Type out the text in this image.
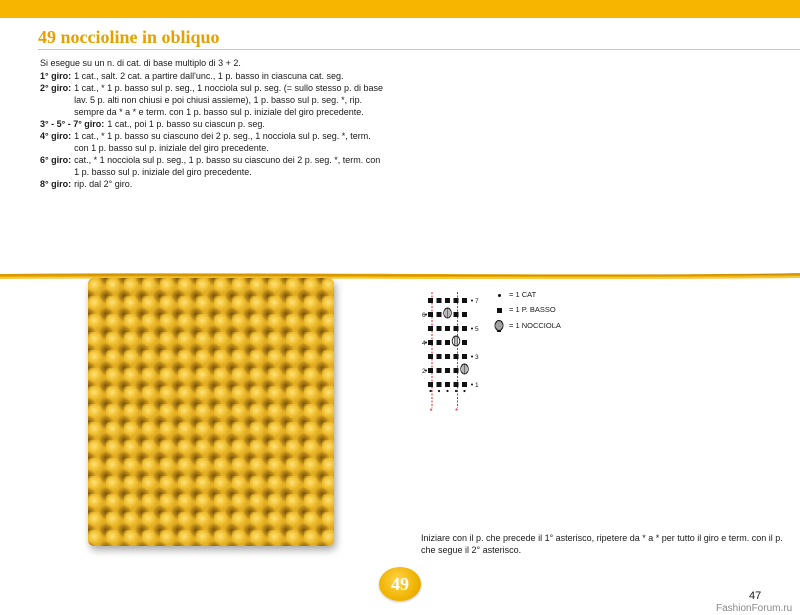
49 noccioline in obliquo

Si esegue su un n. di cat. di base multiplo di 3 + 2.

1° giro: 1 cat., salt. 2 cat. a partire dall'unc., 1 p. basso in ciascuna cat. seg.
2° giro: 1 cat., * 1 p. basso sul p. seg., 1 nocciola sul p. seg. (= sullo stesso p. di base lav. 5 p. alti non chiusi e poi chiusi assieme), 1 p. basso sul p. seg. *, rip. sempre da * a * e term. con 1 p. basso sul p. iniziale del giro precedente.
3° - 5° - 7° giro: 1 cat., poi 1 p. basso su ciascun p. seg.
4° giro: 1 cat., * 1 p. basso su ciascuno dei 2 p. seg., 1 nocciola sul p. seg. *, term. con 1 p. basso sul p. iniziale del giro precedente.
6° giro: cat., * 1 nocciola sul p. seg., 1 p. basso su ciascuno dei 2 p. seg. *, term. con 1 p. basso sul p. iniziale del giro precedente.
8° giro: rip. dal 2° giro.
7
6
5
4
3
2
1
*	*
= 1 CAT
= 1 P. BASSO
= 1 NOCCIOLA

Iniziare con il p. che precede il 1° asterisco, ripetere da * a * per tutto il giro e term. con il p. che segue il 2° asterisco.

49

47

FashionForum.ru
